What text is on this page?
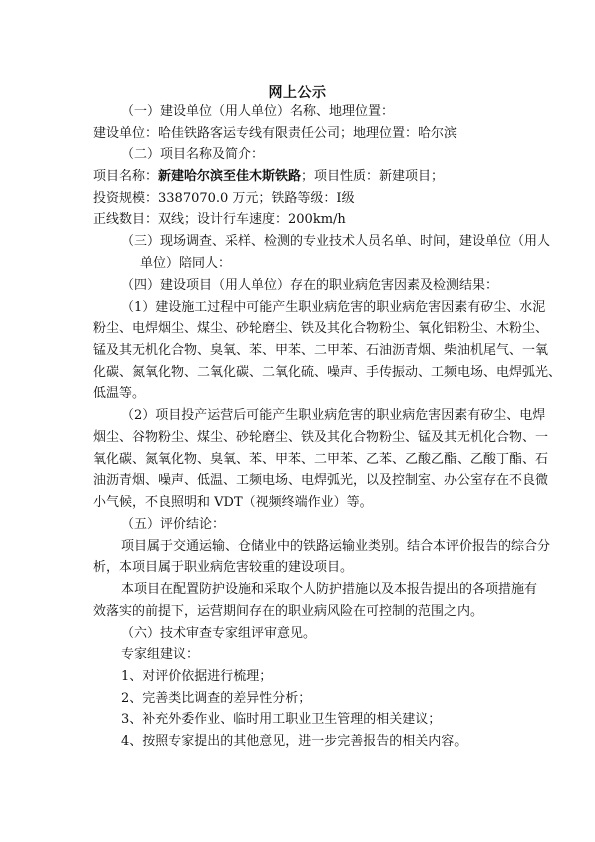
网上公示
（一）建设单位（用人单位）名称、地理位置：
建设单位：哈佳铁路客运专线有限责任公司；地理位置：哈尔滨
（二）项目名称及简介：
项目名称：新建哈尔滨至佳木斯铁路；项目性质：新建项目；
投资规模：3387070.0 万元；铁路等级：Ⅰ级
正线数目：双线；设计行车速度：200km/h
（三）现场调查、采样、检测的专业技术人员名单、时间，建设单位（用人
单位）陪同人：
（四）建设项目（用人单位）存在的职业病危害因素及检测结果：
（1）建设施工过程中可能产生职业病危害的职业病危害因素有矽尘、水泥
粉尘、电焊烟尘、煤尘、砂轮磨尘、铁及其化合物粉尘、氧化铝粉尘、木粉尘、
锰及其无机化合物、臭氧、苯、甲苯、二甲苯、石油沥青烟、柴油机尾气、一氧
化碳、氮氧化物、二氧化碳、二氧化硫、噪声、手传振动、工频电场、电焊弧光、
低温等。
（2）项目投产运营后可能产生职业病危害的职业病危害因素有矽尘、电焊
烟尘、谷物粉尘、煤尘、砂轮磨尘、铁及其化合物粉尘、锰及其无机化合物、一
氧化碳、氮氧化物、臭氧、苯、甲苯、二甲苯、乙苯、乙酸乙酯、乙酸丁酯、石
油沥青烟、噪声、低温、工频电场、电焊弧光，以及控制室、办公室存在不良微
小气候，不良照明和 VDT（视频终端作业）等。
（五）评价结论：
项目属于交通运输、仓储业中的铁路运输业类别。结合本评价报告的综合分
析，本项目属于职业病危害较重的建设项目。
本项目在配置防护设施和采取个人防护措施以及本报告提出的各项措施有
效落实的前提下，运营期间存在的职业病风险在可控制的范围之内。
（六）技术审查专家组评审意见。
专家组建议：
1、对评价依据进行梳理；
2、完善类比调查的差异性分析；
3、补充外委作业、临时用工职业卫生管理的相关建议；
4、按照专家提出的其他意见，进一步完善报告的相关内容。
